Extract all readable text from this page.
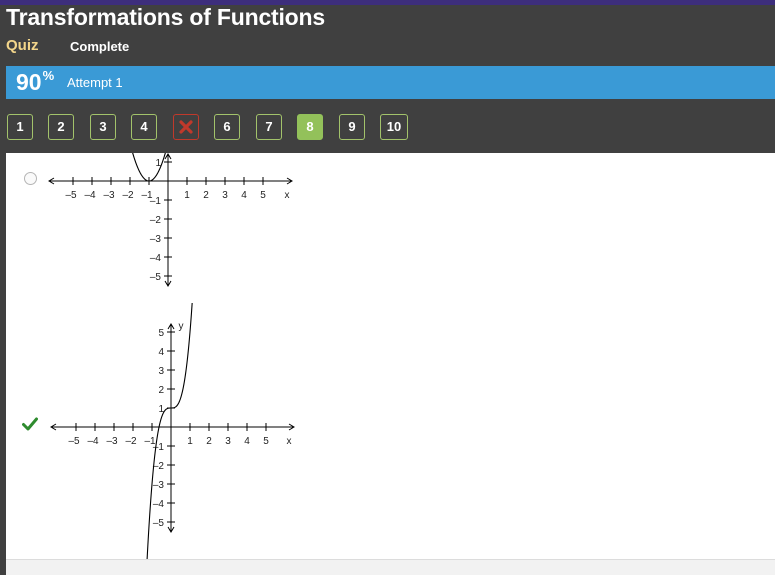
Transformations of Functions
Quiz Complete
90% Attempt 1
1	2	3	4	6	7	8	9	10
–5 –4 –3 –2 –1	1 2 3 4 5 x
1
–1
–2
–3
–4
–5
–5 –4 –3 –2 –1	1 2 3 4 5 x
5
4
3
2
1
–1
–2
–3
–4
–5
y
